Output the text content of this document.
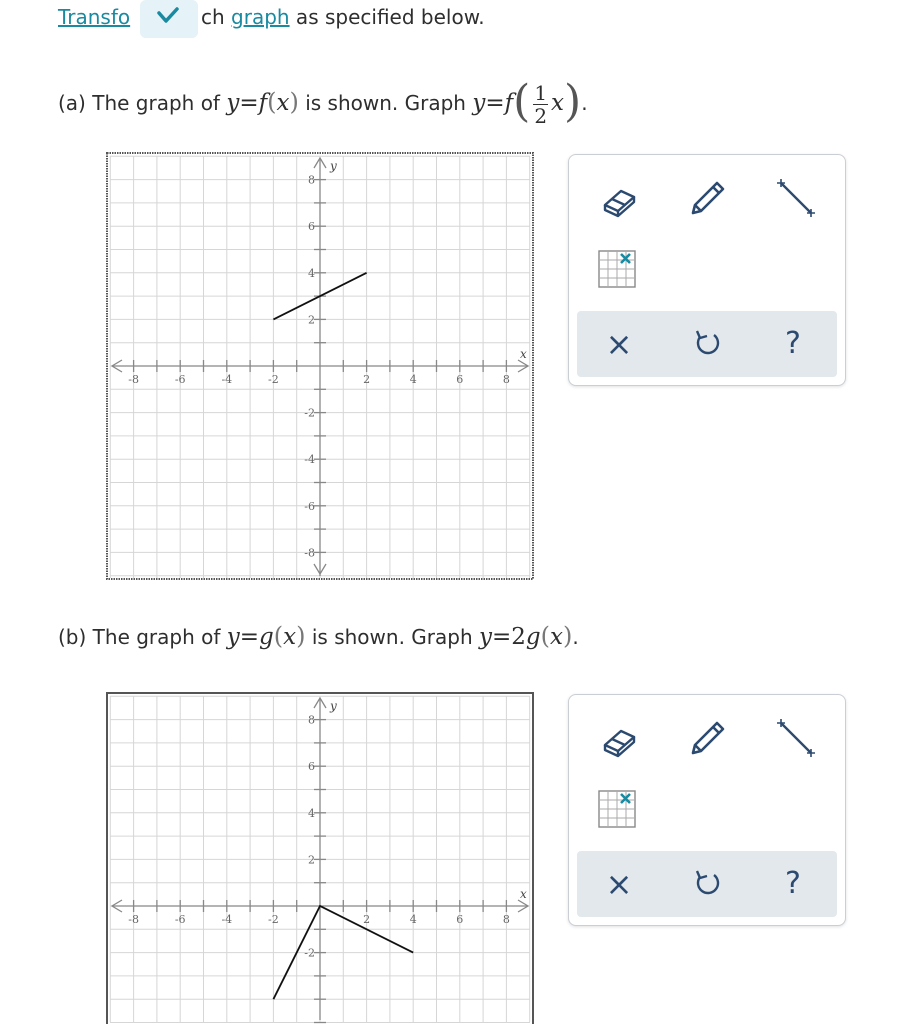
Transfo	ch graph as specified below.
(a) The graph of y=f(x) is shown. Graph $y=f( \frac{1}{2} x)$.
-8	-6	-4	-2	2	4	6	8
8
6
4
2
-2
-4
-6
-8
x
y
×	?
(b) The graph of y=g(x) is shown. Graph y=2g(x).
-8	-6	-4	-2	2	4	6	8
8
6
4
2
-2
x
y
×	?
